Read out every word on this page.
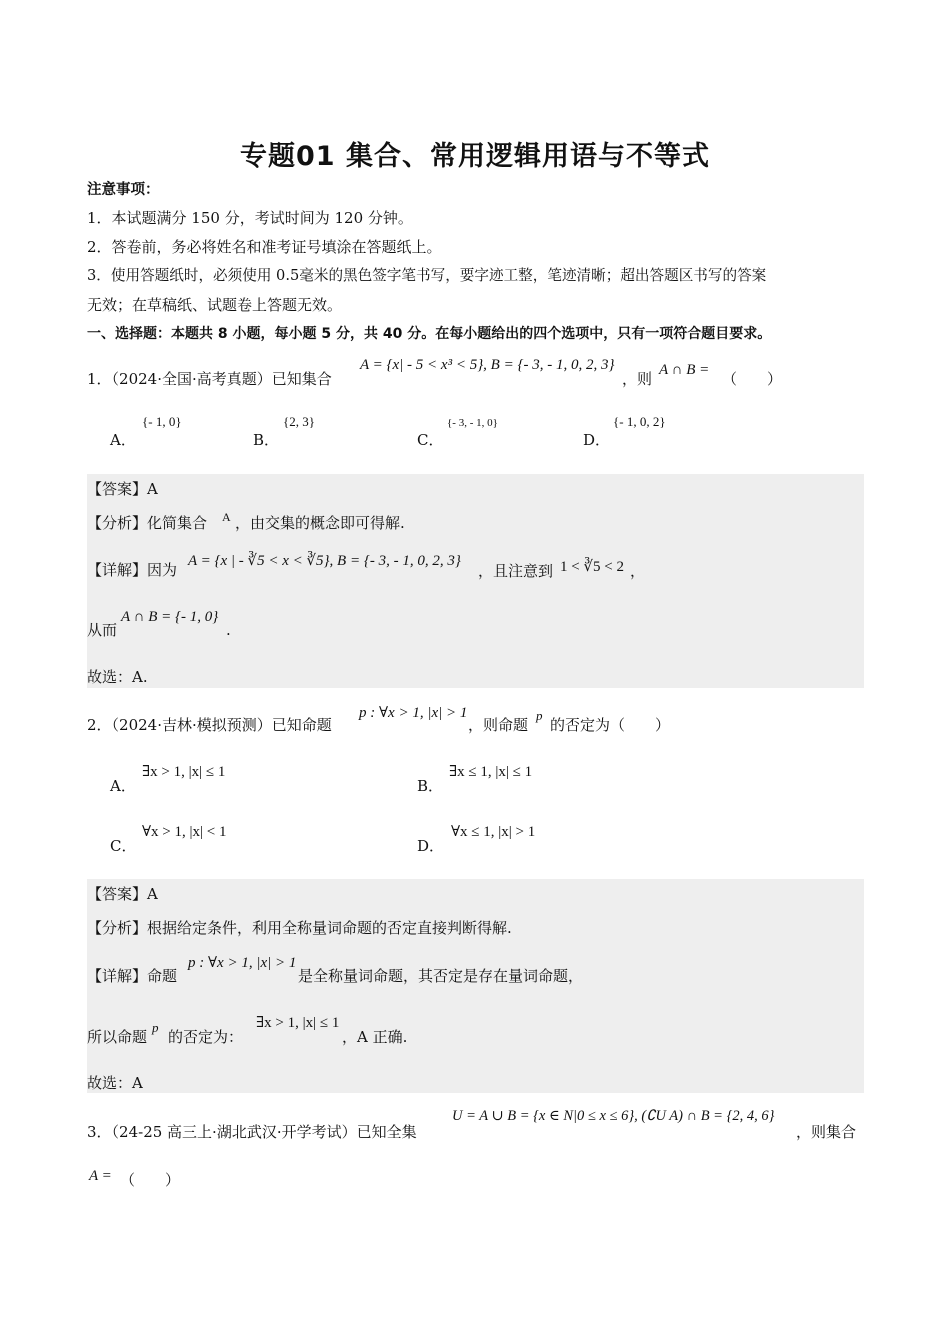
专题01 集合、常用逻辑用语与不等式
注意事项：
1．本试题满分 150 分，考试时间为 120 分钟。
2．答卷前，务必将姓名和准考证号填涂在答题纸上。
3．使用答题纸时，必须使用 0.5毫米的黑色签字笔书写，要字迹工整，笔迹清晰；超出答题区书写的答案
无效；在草稿纸、试题卷上答题无效。
一、选择题：本题共 8 小题，每小题 5 分，共 40 分。在每小题给出的四个选项中，只有一项符合题目要求。
1．（2024·全国·高考真题）已知集合
A = {x| - 5 < x³ < 5}, B = {- 3, - 1, 0, 2, 3}
，则 A ∩ B = （　　）
A．
{- 1, 0}
B．
{2, 3}
C．
{- 3, - 1, 0}
D．
{- 1, 0, 2}
【答案】A
【分析】化简集合 A ，由交集的概念即可得解.
【详解】因为 A = {x | - ∛5 < x < ∛5}, B = {- 3, - 1, 0, 2, 3}
，且注意到 1 < ∛5 < 2 ，
从而
A ∩ B = {- 1, 0}
.
故选：A.
2．（2024·吉林·模拟预测）已知命题
p : ∀x > 1, |x| > 1
，则命题
p
的否定为（　　）
A．
∃x > 1, |x| ≤ 1
B．
∃x ≤ 1, |x| ≤ 1
C．
∀x > 1, |x| < 1
D．
∀x ≤ 1, |x| > 1
【答案】A
【分析】根据给定条件，利用全称量词命题的否定直接判断得解.
【详解】命题
p : ∀x > 1, |x| > 1
是全称量词命题，其否定是存在量词命题，
所以命题
p
的否定为：
∃x > 1, |x| ≤ 1
，A 正确.
故选：A
3．（24-25 高三上·湖北武汉·开学考试）已知全集
U = A ∪ B = {x ∈ N|0 ≤ x ≤ 6}, (∁U A) ∩ B = {2, 4, 6}
，则集合
A = （　　）
